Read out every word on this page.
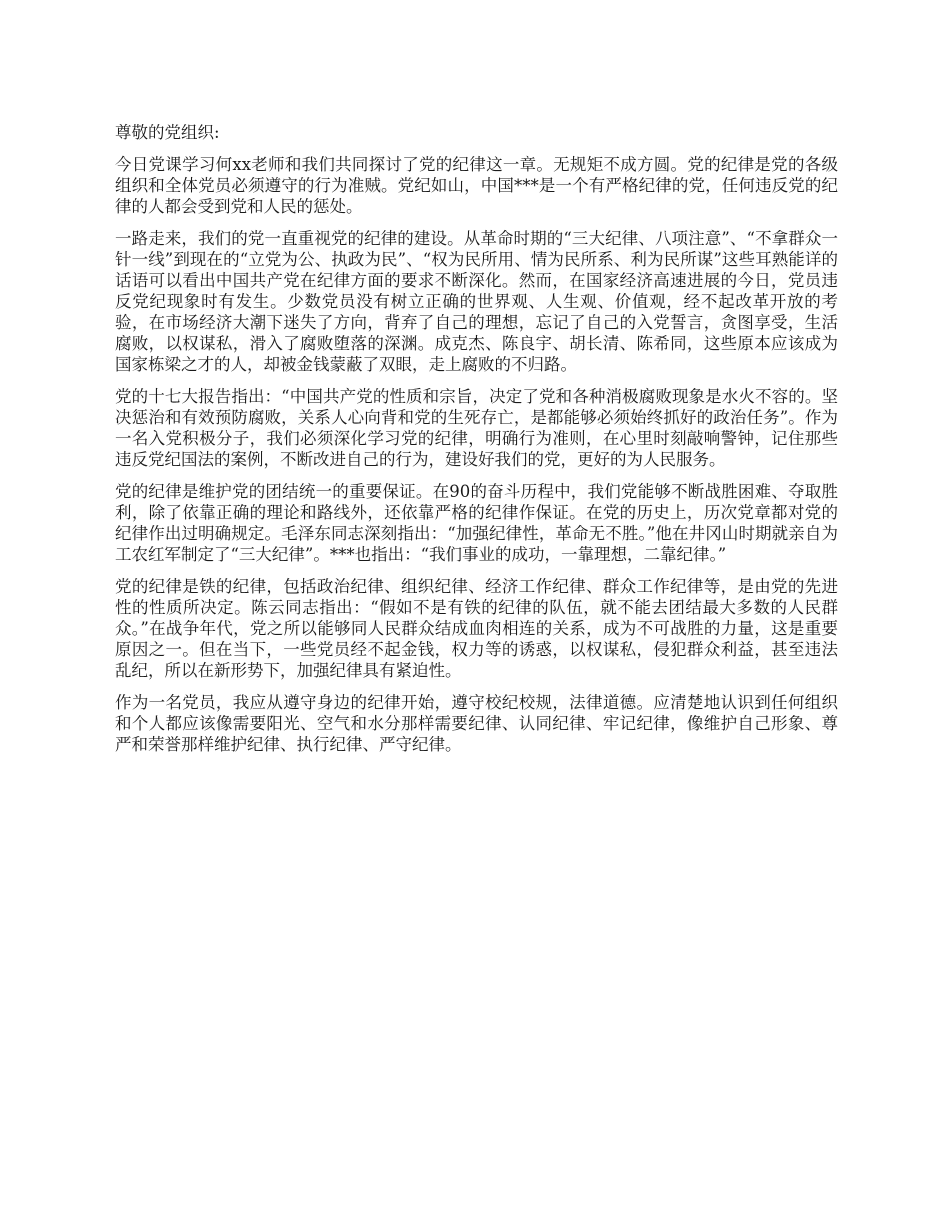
尊敬的党组织:

今日党课学习何xx老师和我们共同探讨了党的纪律这一章。无规矩不成方圆。党的纪律是党的各级组织和全体党员必须遵守的行为准贼。党纪如山，中国***是一个有严格纪律的党，任何违反党的纪律的人都会受到党和人民的惩处。

一路走来，我们的党一直重视党的纪律的建设。从革命时期的“三大纪律、八项注意”、“不拿群众一针一线”到现在的“立党为公、执政为民”、“权为民所用、情为民所系、利为民所谋”这些耳熟能详的话语可以看出中国共产党在纪律方面的要求不断深化。然而，在国家经济高速进展的今日，党员违反党纪现象时有发生。少数党员没有树立正确的世界观、人生观、价值观，经不起改革开放的考验，在市场经济大潮下迷失了方向，背弃了自己的理想，忘记了自己的入党誓言，贪图享受，生活腐败，以权谋私，滑入了腐败堕落的深渊。成克杰、陈良宇、胡长清、陈希同，这些原本应该成为国家栋梁之才的人，却被金钱蒙蔽了双眼，走上腐败的不归路。

党的十七大报告指出：“中国共产党的性质和宗旨，决定了党和各种消极腐败现象是水火不容的。坚决惩治和有效预防腐败，关系人心向背和党的生死存亡，是都能够必须始终抓好的政治任务”。作为一名入党积极分子，我们必须深化学习党的纪律，明确行为准则，在心里时刻敲响警钟，记住那些违反党纪国法的案例，不断改进自己的行为，建设好我们的党，更好的为人民服务。

党的纪律是维护党的团结统一的重要保证。在90的奋斗历程中，我们党能够不断战胜困难、夺取胜利，除了依靠正确的理论和路线外，还依靠严格的纪律作保证。在党的历史上，历次党章都对党的纪律作出过明确规定。毛泽东同志深刻指出：“加强纪律性，革命无不胜。”他在井冈山时期就亲自为工农红军制定了“三大纪律”。***也指出：“我们事业的成功，一靠理想，二靠纪律。”

党的纪律是铁的纪律，包括政治纪律、组织纪律、经济工作纪律、群众工作纪律等，是由党的先进性的性质所决定。陈云同志指出：“假如不是有铁的纪律的队伍，就不能去团结最大多数的人民群众。”在战争年代，党之所以能够同人民群众结成血肉相连的关系，成为不可战胜的力量，这是重要原因之一。但在当下，一些党员经不起金钱，权力等的诱惑，以权谋私，侵犯群众利益，甚至违法乱纪，所以在新形势下，加强纪律具有紧迫性。

作为一名党员，我应从遵守身边的纪律开始，遵守校纪校规，法律道德。应清楚地认识到任何组织和个人都应该像需要阳光、空气和水分那样需要纪律、认同纪律、牢记纪律，像维护自己形象、尊严和荣誉那样维护纪律、执行纪律、严守纪律。
